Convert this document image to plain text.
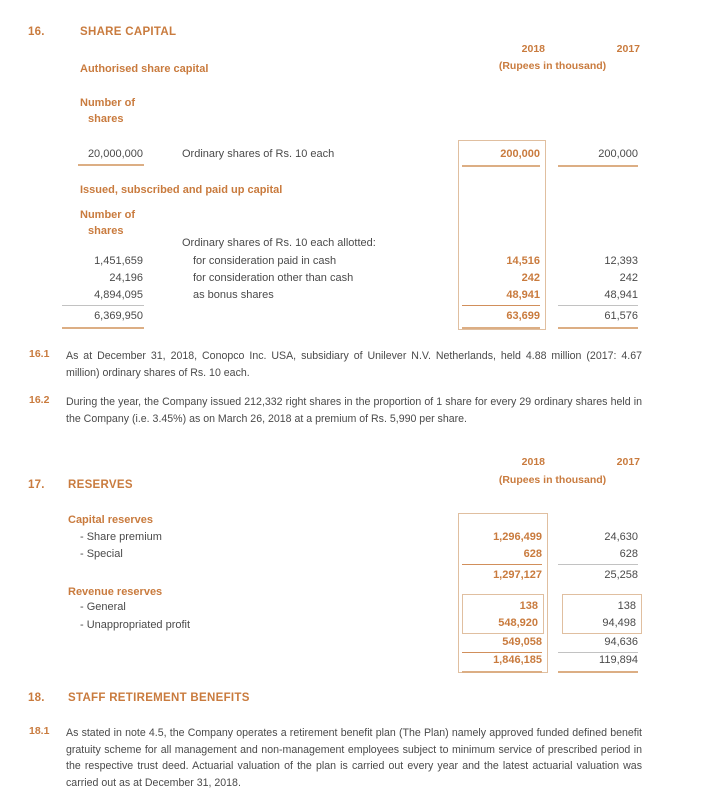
16.	SHARE CAPITAL
2018	2017
(Rupees in thousand)
Authorised share capital
Number of
shares
20,000,000	Ordinary shares of Rs. 10 each	200,000	200,000
Issued, subscribed and paid up capital
Number of
shares
Ordinary shares of Rs. 10 each allotted:
1,451,659	for consideration paid in cash	14,516	12,393
24,196	for consideration other than cash	242	242
4,894,095	as bonus shares	48,941	48,941
6,369,950	63,699	61,576
16.1 As at December 31, 2018, Conopco Inc. USA, subsidiary of Unilever N.V. Netherlands, held 4.88 million (2017: 4.67 million) ordinary shares of Rs. 10 each.
16.2 During the year, the Company issued 212,332 right shares in the proportion of 1 share for every 29 ordinary shares held in the Company (i.e. 3.45%) as on March 26, 2018 at a premium of Rs. 5,990 per share.
2018	2017
(Rupees in thousand)
17. RESERVES
Capital reserves
- Share premium	1,296,499	24,630
- Special	628	628
1,297,127	25,258
Revenue reserves
- General	138	138
- Unappropriated profit	548,920	94,498
549,058	94,636
1,846,185	119,894
18. STAFF RETIREMENT BENEFITS
18.1 As stated in note 4.5, the Company operates a retirement benefit plan (The Plan) namely approved funded defined benefit gratuity scheme for all management and non-management employees subject to minimum service of prescribed period in the respective trust deed. Actuarial valuation of the plan is carried out every year and the latest actuarial valuation was carried out as at December 31, 2018.
